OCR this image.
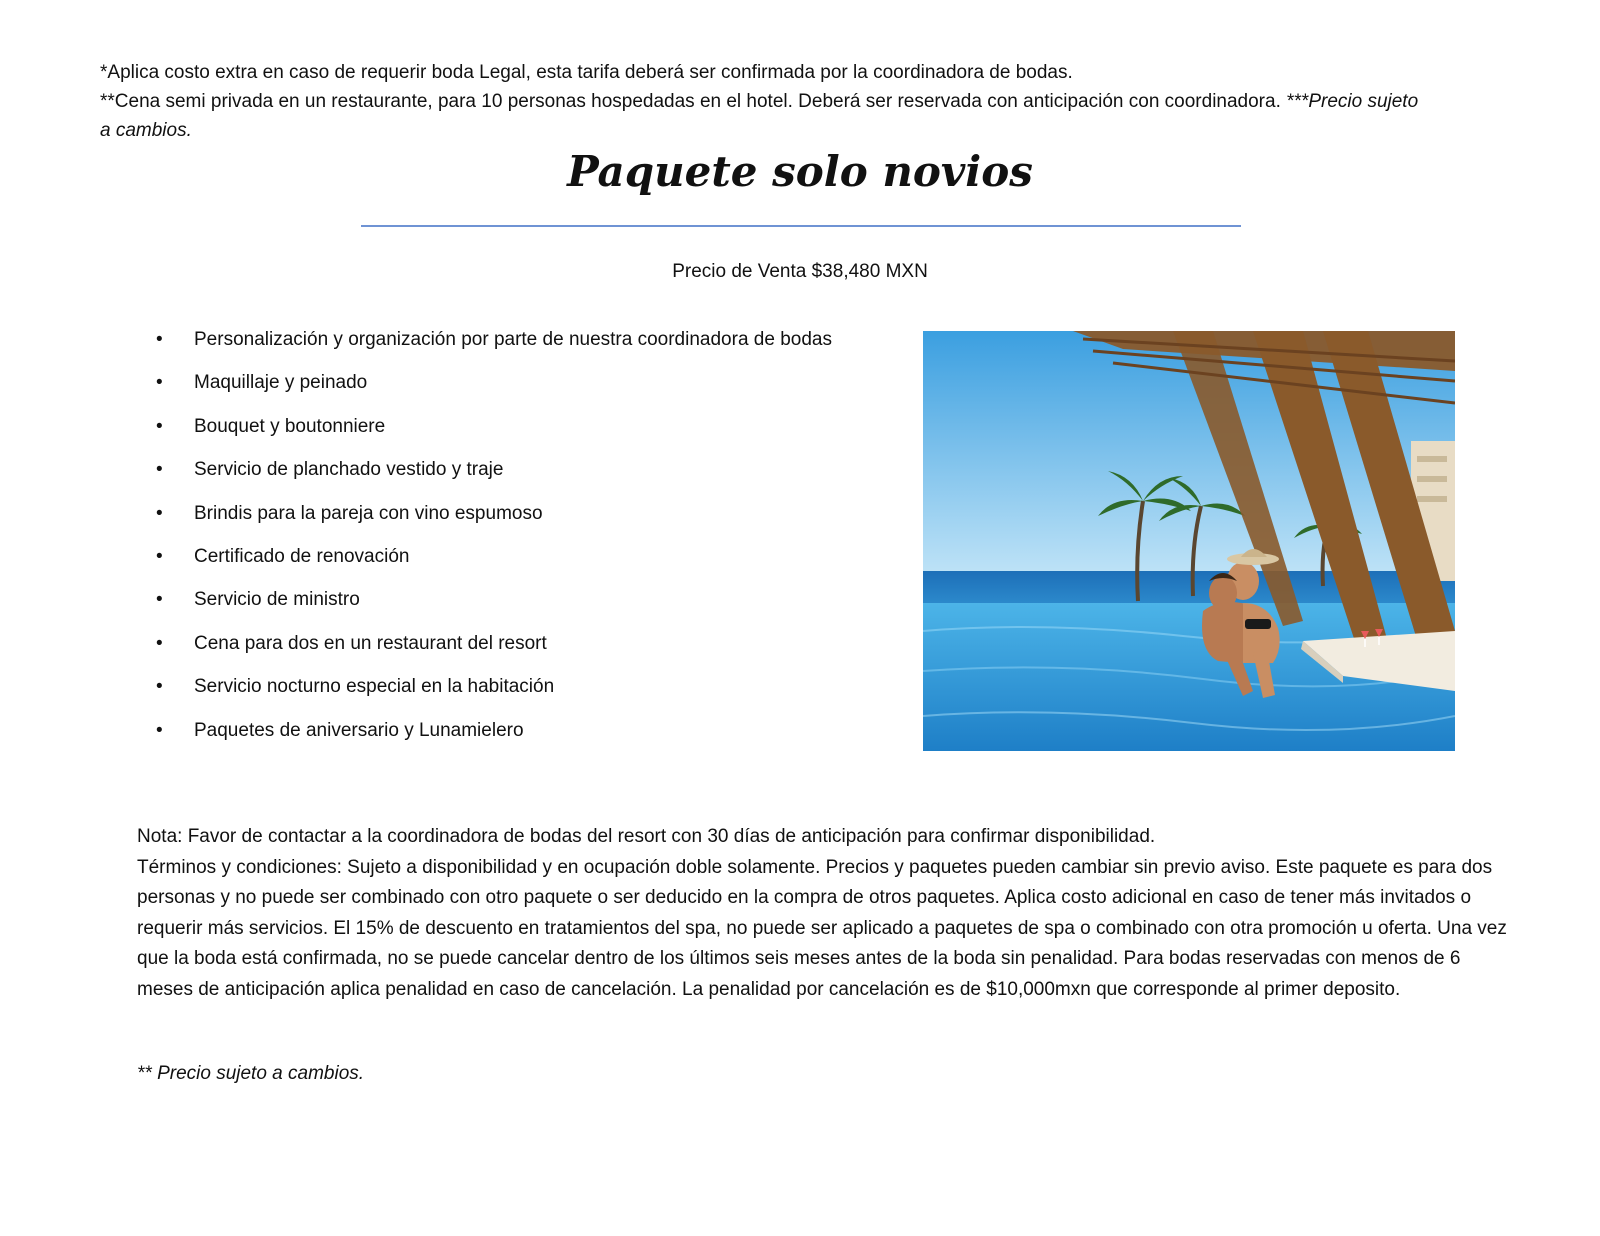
*Aplica costo extra en caso de requerir boda Legal, esta tarifa deberá ser confirmada por la coordinadora de bodas.

**Cena semi privada en un restaurante, para 10 personas hospedadas en el hotel. Deberá ser reservada con anticipación con coordinadora. ***Precio sujeto a cambios.

Paquete solo novios
Precio de Venta $38,480 MXN
• Personalización y organización por parte de nuestra coordinadora de bodas
• Maquillaje y peinado
• Bouquet y boutonniere
• Servicio de planchado vestido y traje
• Brindis para la pareja con vino espumoso
• Certificado de renovación
• Servicio de ministro
• Cena para dos en un restaurant del resort
• Servicio nocturno especial en la habitación
• Paquetes de aniversario y Lunamielero

Nota: Favor de contactar a la coordinadora de bodas del resort con 30 días de anticipación para confirmar disponibilidad.

Términos y condiciones: Sujeto a disponibilidad y en ocupación doble solamente. Precios y paquetes pueden cambiar sin previo aviso. Este paquete es para dos personas y no puede ser combinado con otro paquete o ser deducido en la compra de otros paquetes. Aplica costo adicional en caso de tener más invitados o requerir más servicios. El 15% de descuento en tratamientos del spa, no puede ser aplicado a paquetes de spa o combinado con otra promoción u oferta. Una vez que la boda está confirmada, no se puede cancelar dentro de los últimos seis meses antes de la boda sin penalidad. Para bodas reservadas con menos de 6 meses de anticipación aplica penalidad en caso de cancelación. La penalidad por cancelación es de $10,000mxn que corresponde al primer deposito.

** Precio sujeto a cambios.
